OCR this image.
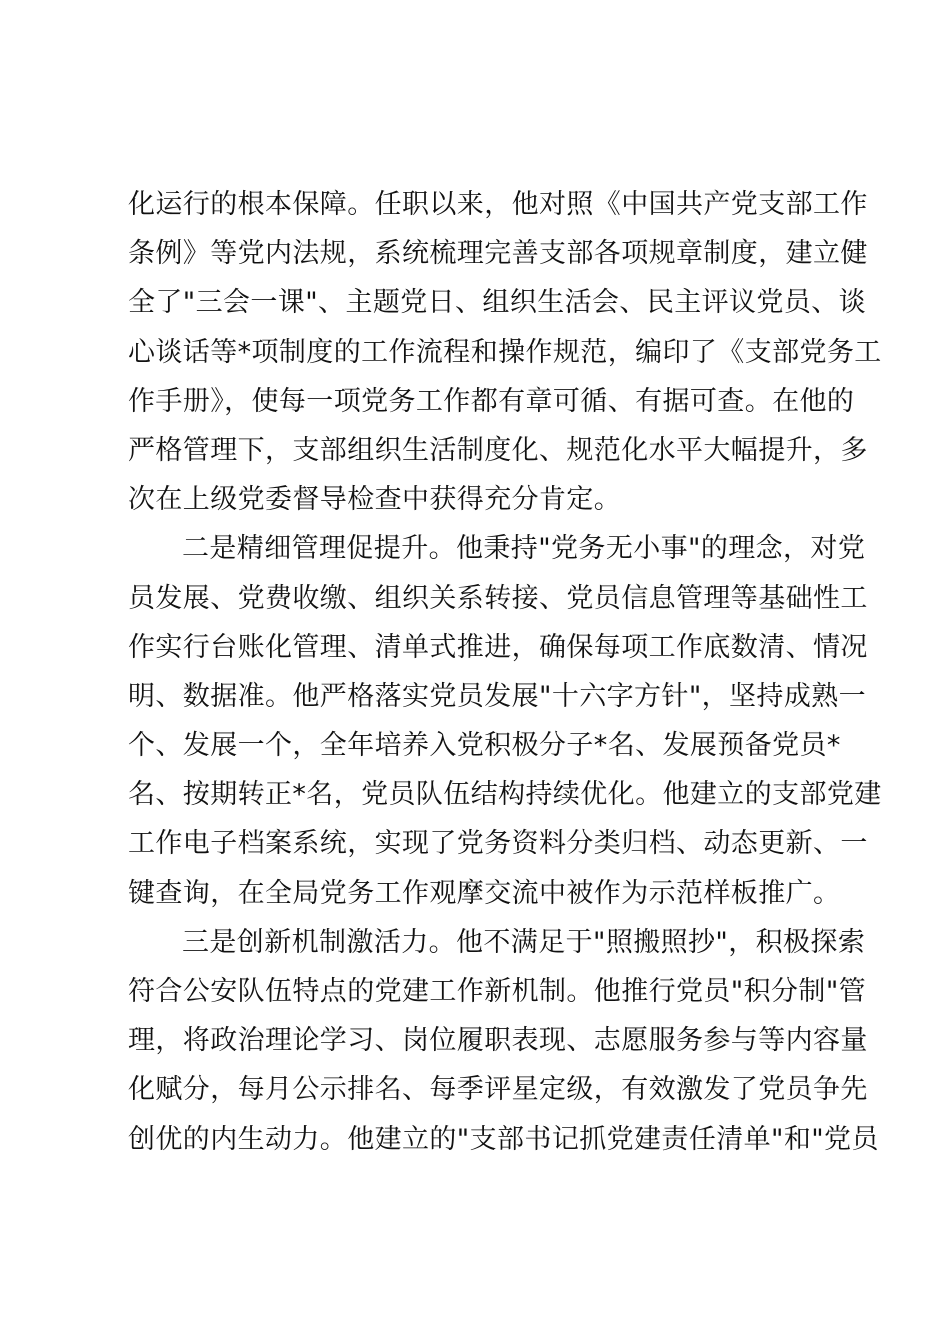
化运行的根本保障。任职以来，他对照《中国共产党支部工作
条例》等党内法规，系统梳理完善支部各项规章制度，建立健
全了"三会一课"、主题党日、组织生活会、民主评议党员、谈
心谈话等*项制度的工作流程和操作规范，编印了《支部党务工
作手册》，使每一项党务工作都有章可循、有据可查。在他的
严格管理下，支部组织生活制度化、规范化水平大幅提升，多
次在上级党委督导检查中获得充分肯定。
二是精细管理促提升。他秉持"党务无小事"的理念，对党
员发展、党费收缴、组织关系转接、党员信息管理等基础性工
作实行台账化管理、清单式推进，确保每项工作底数清、情况
明、数据准。他严格落实党员发展"十六字方针"，坚持成熟一
个、发展一个，全年培养入党积极分子*名、发展预备党员*
名、按期转正*名，党员队伍结构持续优化。他建立的支部党建
工作电子档案系统，实现了党务资料分类归档、动态更新、一
键查询，在全局党务工作观摩交流中被作为示范样板推广。
三是创新机制激活力。他不满足于"照搬照抄"，积极探索
符合公安队伍特点的党建工作新机制。他推行党员"积分制"管
理，将政治理论学习、岗位履职表现、志愿服务参与等内容量
化赋分，每月公示排名、每季评星定级，有效激发了党员争先
创优的内生动力。他建立的"支部书记抓党建责任清单"和"党员
